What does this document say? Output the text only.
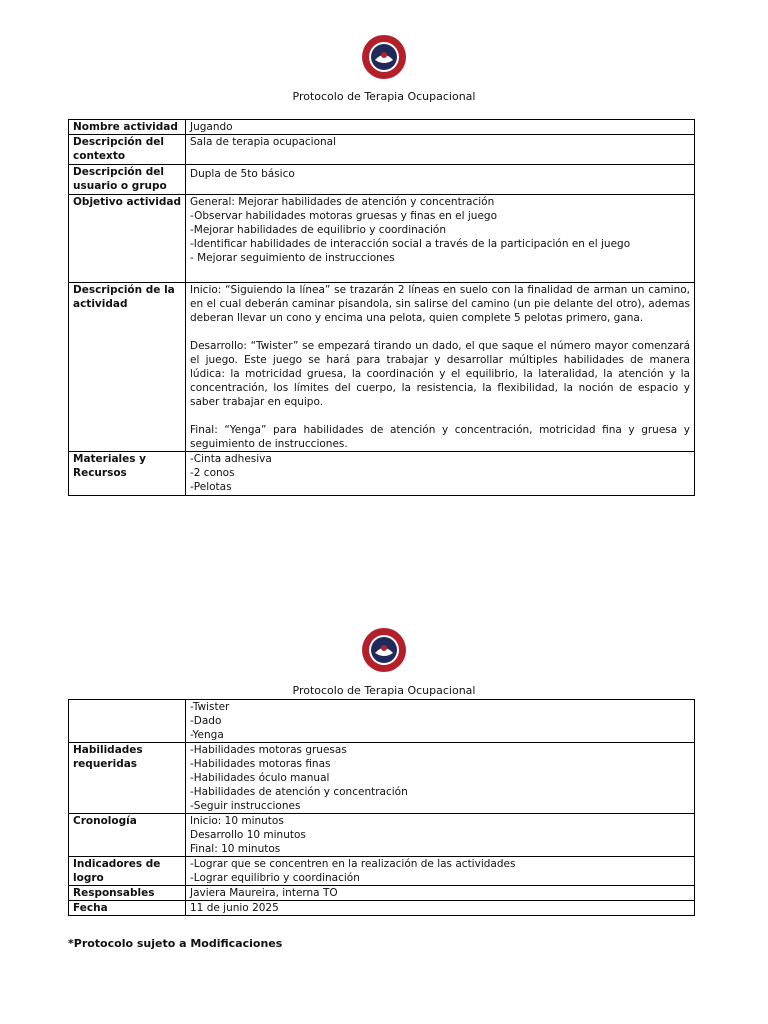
Protocolo de Terapia Ocupacional
Nombre actividad	Jugando
Descripción del contexto	Sala de terapia ocupacional
Descripción del usuario o grupo	Dupla de 5to básico
Objetivo actividad	General: Mejorar habilidades de atención y concentración
-Observar habilidades motoras gruesas y finas en el juego
-Mejorar habilidades de equilibrio y coordinación
-Identificar habilidades de interacción social a través de la participación en el juego
- Mejorar seguimiento de instrucciones

Descripción de la actividad	Inicio: “Siguiendo la línea” se trazarán 2 líneas en suelo con la finalidad de arman un camino, en el cual deberán caminar pisandola, sin salirse del camino (un pie delante del otro), ademas deberan llevar un cono y encima una pelota, quien complete 5 pelotas primero, gana.

Desarrollo: “Twister” se empezará tirando un dado, el que saque el número mayor comenzará el juego. Este juego se hará para trabajar y desarrollar múltiples habilidades de manera lúdica: la motricidad gruesa, la coordinación y el equilibrio, la lateralidad, la atención y la concentración, los límites del cuerpo, la resistencia, la flexibilidad, la noción de espacio y saber trabajar en equipo.

Final: “Yenga” para habilidades de atención y concentración, motricidad fina y gruesa y seguimiento de instrucciones.

Materiales y Recursos	-Cinta adhesiva
-2 conos
-Pelotas
Protocolo de Terapia Ocupacional

	-Twister
-Dado
-Yenga

Habilidades requeridas	-Habilidades motoras gruesas
-Habilidades motoras finas
-Habilidades óculo manual
-Habilidades de atención y concentración
-Seguir instrucciones

Cronología	Inicio: 10 minutos
Desarrollo 10 minutos
Final: 10 minutos

Indicadores de logro	-Lograr que se concentren en la realización de las actividades
-Lograr equilibrio y coordinación

Responsables	Javiera Maureira, interna TO
Fecha	11 de junio 2025
*Protocolo sujeto a Modificaciones
